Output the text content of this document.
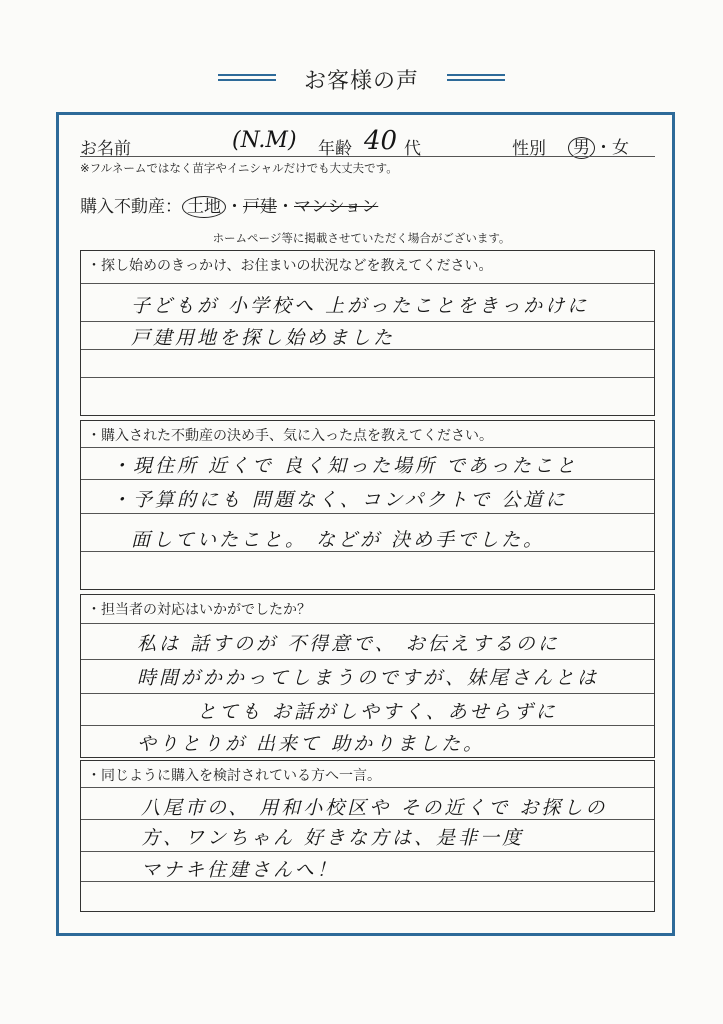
お客様の声
お名前	(N.M) 年齢 40 代	性別 男 ・女
※フルネームではなく苗字やイニシャルだけでも大丈夫です。
購入不動産： 土地 ・戸建・マンション
ホームページ等に掲載させていただく場合がございます。
・探し始めのきっかけ、お住まいの状況などを教えてください。
子どもが 小学校へ 上がったことをきっかけに
戸建用地を探し始めました
・購入された不動産の決め手、気に入った点を教えてください。
・現住所 近くで 良く知った場所 であったこと
・予算的にも 問題なく、コンパクトで 公道に
面していたこと。 などが 決め手でした。
・担当者の対応はいかがでしたか？
私は 話すのが 不得意で、 お伝えするのに
時間がかかってしまうのですが、妹尾さんとは
とても お話がしやすく、あせらずに
やりとりが 出来て 助かりました。
・同じように購入を検討されている方へ一言。
八尾市の、 用和小校区や その近くで お探しの
方、ワンちゃん 好きな方は、是非一度
マナキ住建さんへ！
